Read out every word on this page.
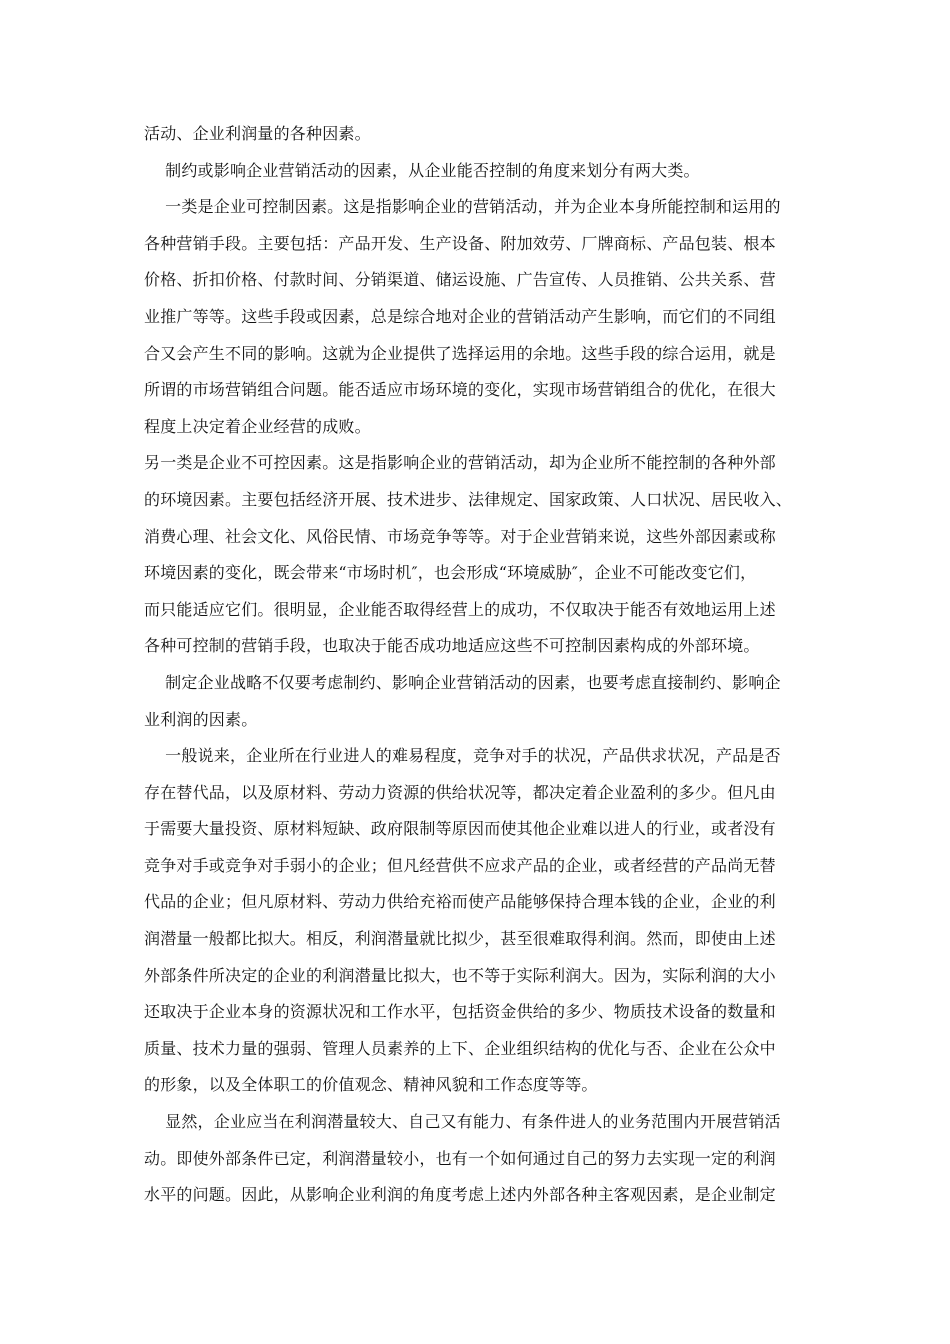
活动、企业利润量的各种因素。
制约或影响企业营销活动的因素，从企业能否控制的角度来划分有两大类。
一类是企业可控制因素。这是指影响企业的营销活动，并为企业本身所能控制和运用的
各种营销手段。主要包括：产品开发、生产设备、附加效劳、厂牌商标、产品包装、根本
价格、折扣价格、付款时间、分销渠道、储运设施、广告宣传、人员推销、公共关系、营
业推广等等。这些手段或因素，总是综合地对企业的营销活动产生影响，而它们的不同组
合又会产生不同的影响。这就为企业提供了选择运用的余地。这些手段的综合运用，就是
所谓的市场营销组合问题。能否适应市场环境的变化，实现市场营销组合的优化，在很大
程度上决定着企业经营的成败。
另一类是企业不可控因素。这是指影响企业的营销活动，却为企业所不能控制的各种外部
的环境因素。主要包括经济开展、技术进步、法律规定、国家政策、人口状况、居民收入、
消费心理、社会文化、风俗民情、市场竞争等等。对于企业营销来说，这些外部因素或称
环境因素的变化，既会带来“市场时机″，也会形成“环境威胁″，企业不可能改变它们，
而只能适应它们。很明显，企业能否取得经营上的成功，不仅取决于能否有效地运用上述
各种可控制的营销手段，也取决于能否成功地适应这些不可控制因素构成的外部环境。
制定企业战略不仅要考虑制约、影响企业营销活动的因素，也要考虑直接制约、影响企
业利润的因素。
一般说来，企业所在行业进人的难易程度，竞争对手的状况，产品供求状况，产品是否
存在替代品，以及原材料、劳动力资源的供给状况等，都决定着企业盈利的多少。但凡由
于需要大量投资、原材料短缺、政府限制等原因而使其他企业难以进人的行业，或者没有
竞争对手或竞争对手弱小的企业；但凡经营供不应求产品的企业，或者经营的产品尚无替
代品的企业；但凡原材料、劳动力供给充裕而使产品能够保持合理本钱的企业，企业的利
润潜量一般都比拟大。相反，利润潜量就比拟少，甚至很难取得利润。然而，即使由上述
外部条件所决定的企业的利润潜量比拟大，也不等于实际利润大。因为，实际利润的大小
还取决于企业本身的资源状况和工作水平，包括资金供给的多少、物质技术设备的数量和
质量、技术力量的强弱、管理人员素养的上下、企业组织结构的优化与否、企业在公众中
的形象，以及全体职工的价值观念、精神风貌和工作态度等等。
显然，企业应当在利润潜量较大、自己又有能力、有条件进人的业务范围内开展营销活
动。即使外部条件已定，利润潜量较小，也有一个如何通过自己的努力去实现一定的利润
水平的问题。因此，从影响企业利润的角度考虑上述内外部各种主客观因素，是企业制定
